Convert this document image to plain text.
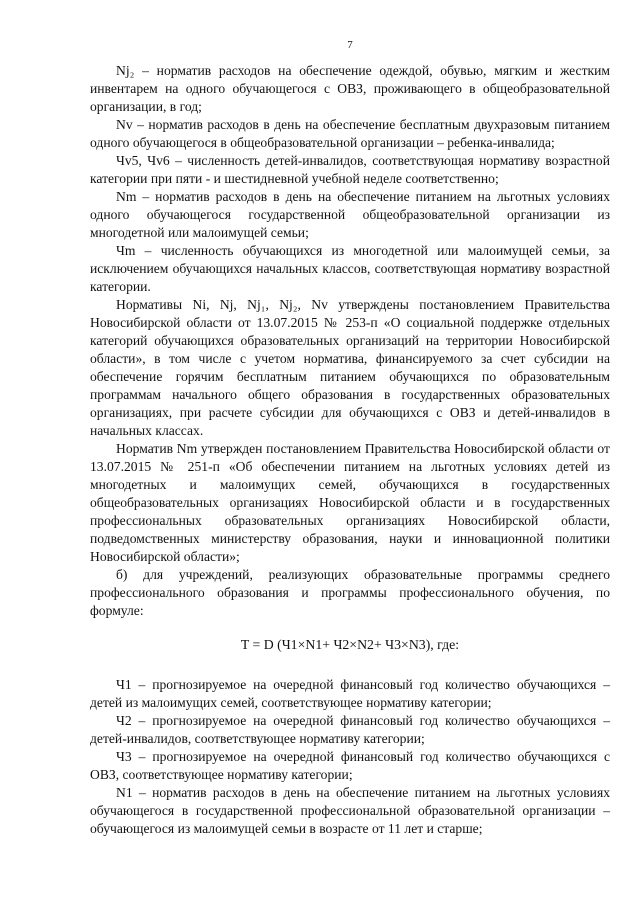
7

Nj₂ – норматив расходов на обеспечение одеждой, обувью, мягким и жестким инвентарем на одного обучающегося с ОВЗ, проживающего в общеобразовательной организации, в год;

Nv – норматив расходов в день на обеспечение бесплатным двухразовым питанием одного обучающегося в общеобразовательной организации – ребенка-инвалида;

Чv5, Чv6 – численность детей-инвалидов, соответствующая нормативу возрастной категории при пяти - и шестидневной учебной неделе соответственно;

Nm – норматив расходов в день на обеспечение питанием на льготных условиях одного обучающегося государственной общеобразовательной организации из многодетной или малоимущей семьи;

Чm – численность обучающихся из многодетной или малоимущей семьи, за исключением обучающихся начальных классов, соответствующая нормативу возрастной категории.

Нормативы Ni, Nj, Nj₁, Nj₂, Nv утверждены постановлением Правительства Новосибирской области от 13.07.2015 № 253-п «О социальной поддержке отдельных категорий обучающихся образовательных организаций на территории Новосибирской области», в том числе с учетом норматива, финансируемого за счет субсидии на обеспечение горячим бесплатным питанием обучающихся по образовательным программам начального общего образования в государственных образовательных организациях, при расчете субсидии для обучающихся с ОВЗ и детей-инвалидов в начальных классах.

Норматив Nm утвержден постановлением Правительства Новосибирской области от 13.07.2015 № 251-п «Об обеспечении питанием на льготных условиях детей из многодетных и малоимущих семей, обучающихся в государственных общеобразовательных организациях Новосибирской области и в государственных профессиональных образовательных организациях Новосибирской области, подведомственных министерству образования, науки и инновационной политики Новосибирской области»;

б) для учреждений, реализующих образовательные программы среднего профессионального образования и программы профессионального обучения, по формуле:

T = D (Ч1×N1+ Ч2×N2+ Ч3×N3), где:

Ч1 – прогнозируемое на очередной финансовый год количество обучающихся – детей из малоимущих семей, соответствующее нормативу категории;

Ч2 – прогнозируемое на очередной финансовый год количество обучающихся – детей-инвалидов, соответствующее нормативу категории;

Ч3 – прогнозируемое на очередной финансовый год количество обучающихся с ОВЗ, соответствующее нормативу категории;

N1 – норматив расходов в день на обеспечение питанием на льготных условиях обучающегося в государственной профессиональной образовательной организации – обучающегося из малоимущей семьи в возрасте от 11 лет и старше;
